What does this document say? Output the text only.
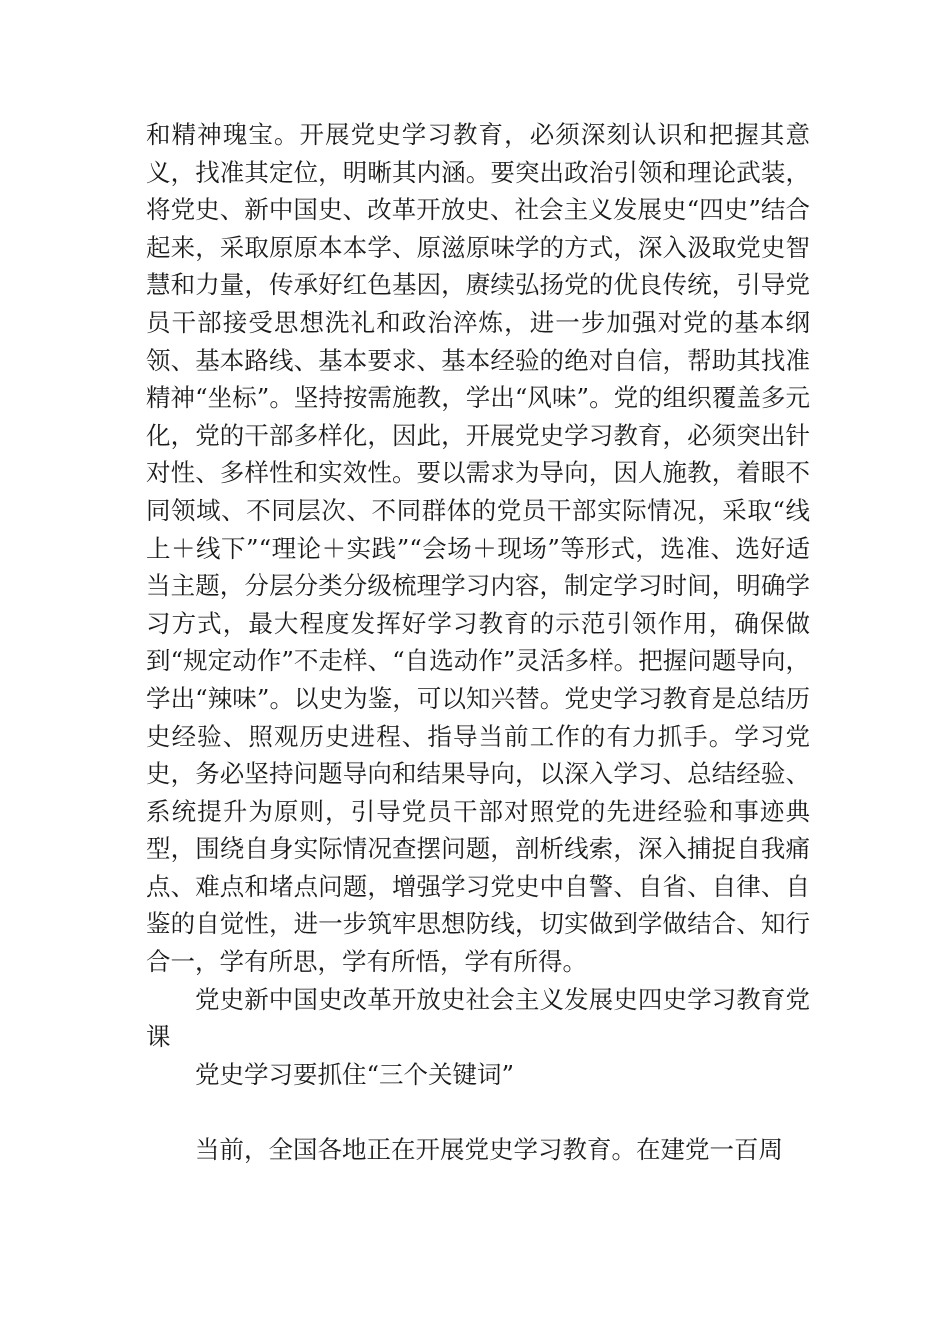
和精神瑰宝。开展党史学习教育，必须深刻认识和把握其意义，找准其定位，明晰其内涵。要突出政治引领和理论武装，将党史、新中国史、改革开放史、社会主义发展史“四史”结合起来，采取原原本本学、原滋原味学的方式，深入汲取党史智慧和力量，传承好红色基因，赓续弘扬党的优良传统，引导党员干部接受思想洗礼和政治淬炼，进一步加强对党的基本纲领、基本路线、基本要求、基本经验的绝对自信，帮助其找准精神“坐标”。坚持按需施教，学出“风味”。党的组织覆盖多元化，党的干部多样化，因此，开展党史学习教育，必须突出针对性、多样性和实效性。要以需求为导向，因人施教，着眼不同领域、不同层次、不同群体的党员干部实际情况，采取“线上＋线下”“理论＋实践”“会场＋现场”等形式，选准、选好适当主题，分层分类分级梳理学习内容，制定学习时间，明确学习方式，最大程度发挥好学习教育的示范引领作用，确保做到“规定动作”不走样、“自选动作”灵活多样。把握问题导向，学出“辣味”。以史为鉴，可以知兴替。党史学习教育是总结历史经验、照观历史进程、指导当前工作的有力抓手。学习党史，务必坚持问题导向和结果导向，以深入学习、总结经验、系统提升为原则，引导党员干部对照党的先进经验和事迹典型，围绕自身实际情况查摆问题，剖析线索，深入捕捉自我痛点、难点和堵点问题，增强学习党史中自警、自省、自律、自鉴的自觉性，进一步筑牢思想防线，切实做到学做结合、知行合一，学有所思，学有所悟，学有所得。

党史新中国史改革开放史社会主义发展史四史学习教育党课

党史学习要抓住“三个关键词”

当前，全国各地正在开展党史学习教育。在建党一百周
